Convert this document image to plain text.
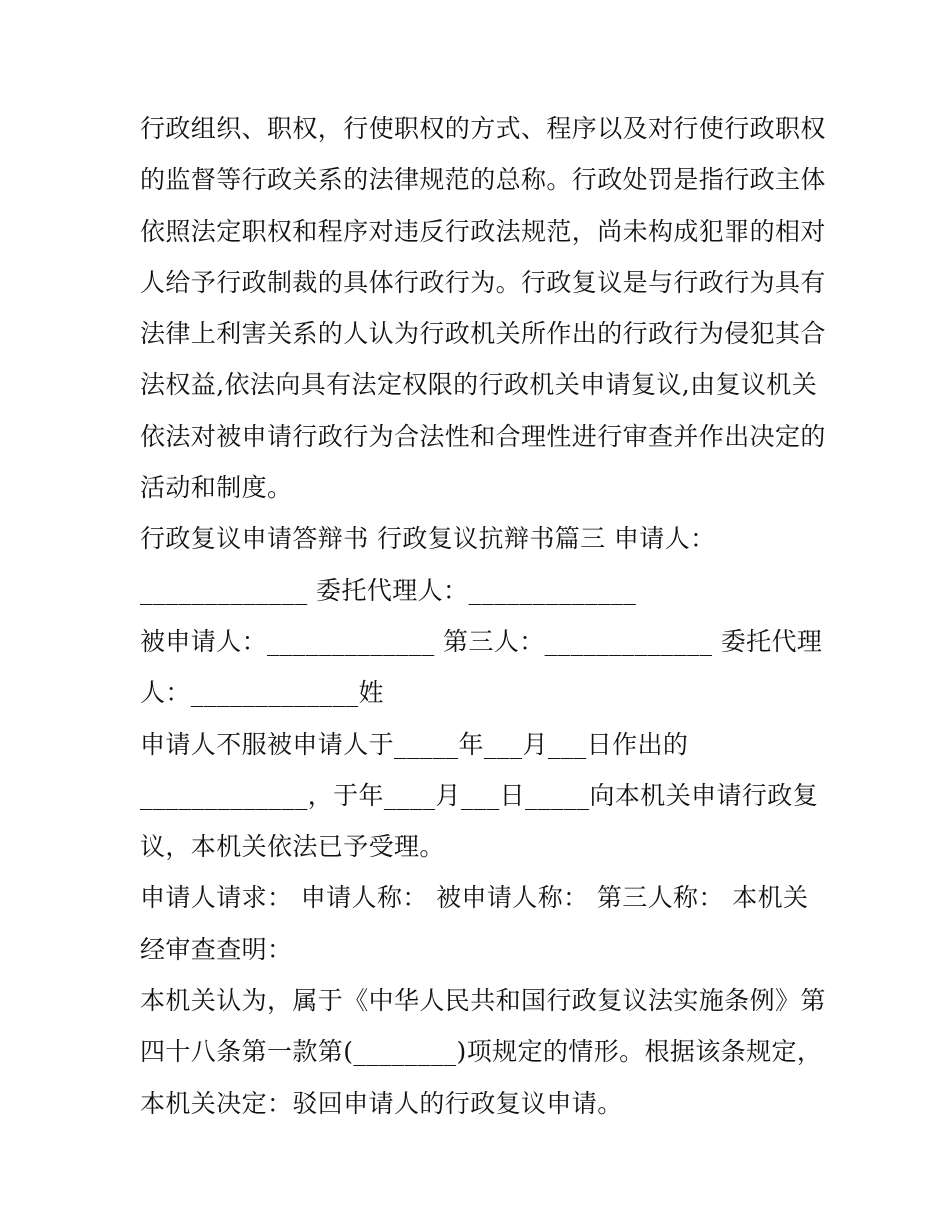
行政组织、职权，行使职权的方式、程序以及对行使行政职权
的监督等行政关系的法律规范的总称。行政处罚是指行政主体
依照法定职权和程序对违反行政法规范，尚未构成犯罪的相对
人给予行政制裁的具体行政行为。行政复议是与行政行为具有
法律上利害关系的人认为行政机关所作出的行政行为侵犯其合
法权益,依法向具有法定权限的行政机关申请复议,由复议机关
依法对被申请行政行为合法性和合理性进行审查并作出决定的
活动和制度。
行政复议申请答辩书 行政复议抗辩书篇三 申请人：
_____________ 委托代理人：_____________
被申请人：_____________ 第三人：_____________ 委托代理
人：_____________姓
申请人不服被申请人于_____年___月___日作出的
_____________，于年____月___日_____向本机关申请行政复
议，本机关依法已予受理。
申请人请求： 申请人称： 被申请人称： 第三人称： 本机关
经审查查明：
本机关认为，属于《中华人民共和国行政复议法实施条例》第
四十八条第一款第(________)项规定的情形。根据该条规定，
本机关决定：驳回申请人的行政复议申请。
